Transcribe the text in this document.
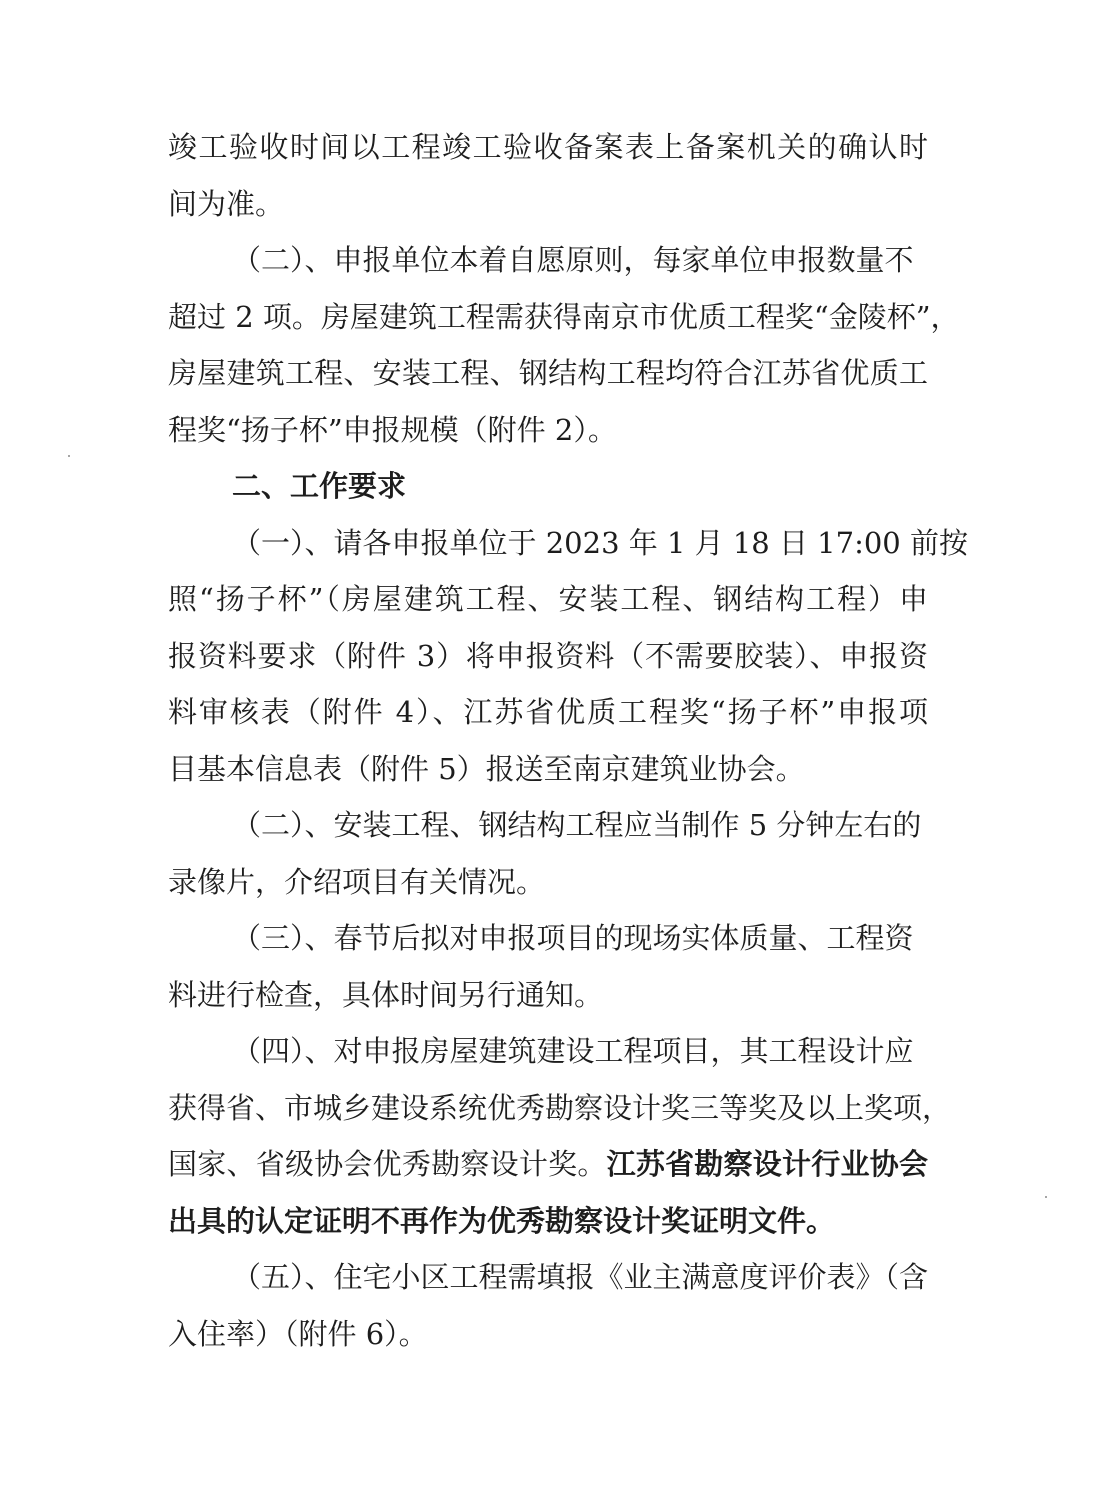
竣工验收时间以工程竣工验收备案表上备案机关的确认时
间为准。
（二）、申报单位本着自愿原则，每家单位申报数量不
超过 2 项。房屋建筑工程需获得南京市优质工程奖“金陵杯”，
房屋建筑工程、安装工程、钢结构工程均符合江苏省优质工
程奖“扬子杯”申报规模（附件 2）。
二、工作要求
（一）、请各申报单位于 2023 年 1 月 18 日 17:00 前按
照“扬子杯”（房屋建筑工程、安装工程、钢结构工程）申
报资料要求（附件 3）将申报资料（不需要胶装）、申报资
料审核表（附件 4）、江苏省优质工程奖“扬子杯”申报项
目基本信息表（附件 5）报送至南京建筑业协会。
（二）、安装工程、钢结构工程应当制作 5 分钟左右的
录像片，介绍项目有关情况。
（三）、春节后拟对申报项目的现场实体质量、工程资
料进行检查，具体时间另行通知。
（四）、对申报房屋建筑建设工程项目，其工程设计应
获得省、市城乡建设系统优秀勘察设计奖三等奖及以上奖项，
国家、省级协会优秀勘察设计奖。江苏省勘察设计行业协会
出具的认定证明不再作为优秀勘察设计奖证明文件。
（五）、住宅小区工程需填报《业主满意度评价表》（含
入住率）（附件 6）。
